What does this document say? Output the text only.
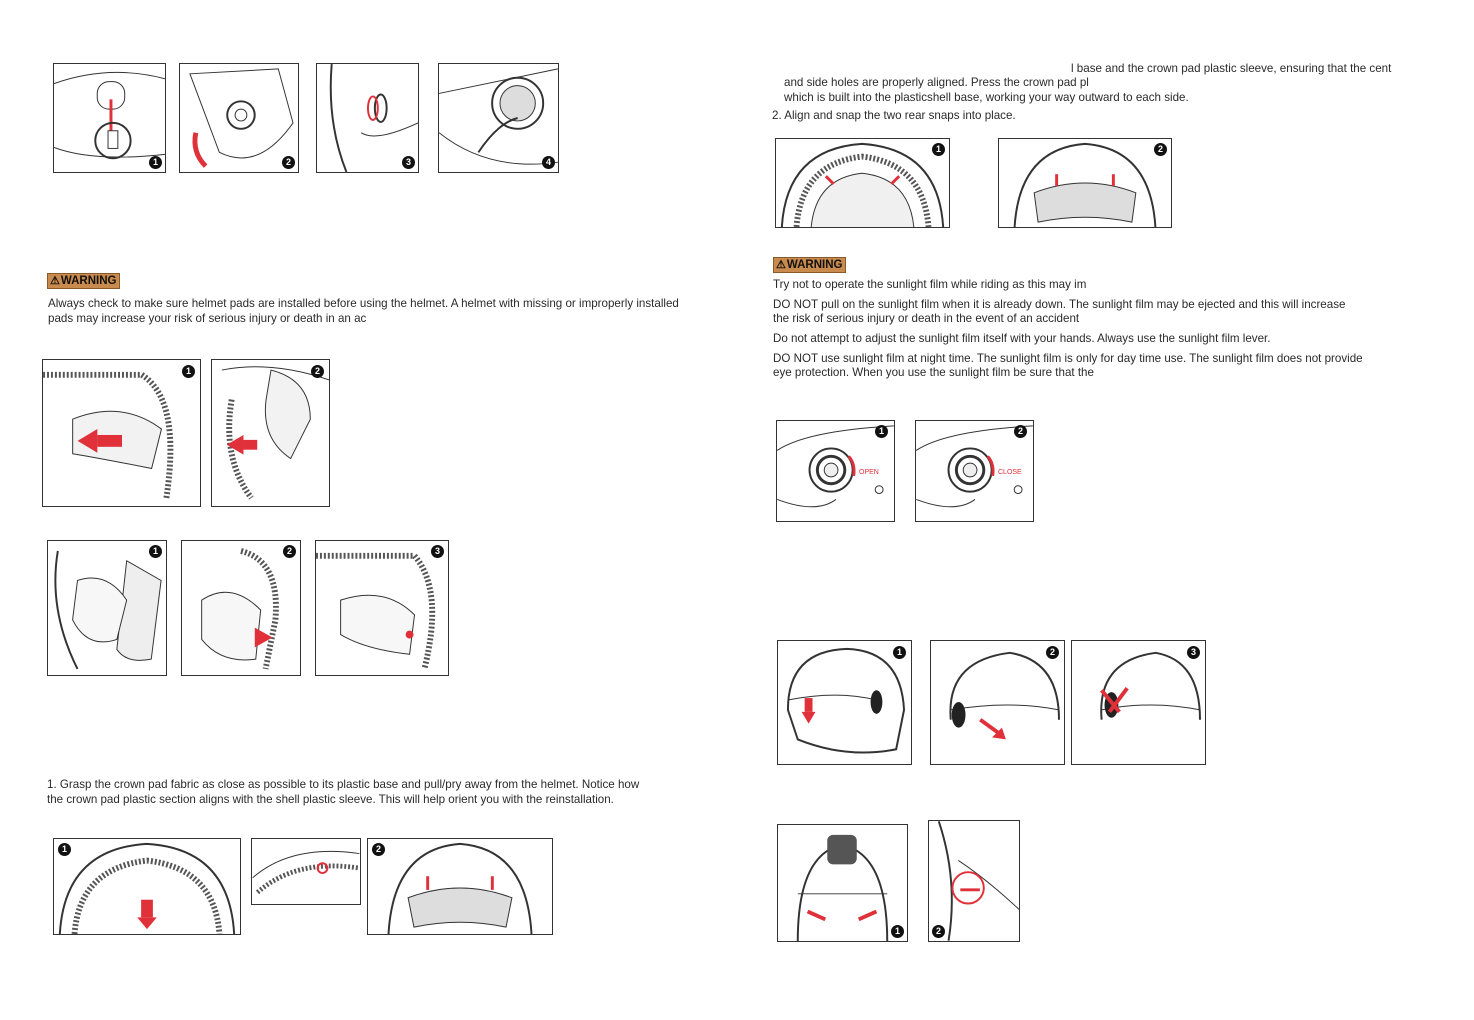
1	2	3	4
⚠WARNING
Always check to make sure helmet pads are installed before using the helmet. A helmet with missing or improperly installed
pads may increase your risk of serious injury or death in an ac
1	2
1	2	3
1. Grasp the crown pad fabric as close as possible to its plastic base and pull/pry away from the helmet. Notice how
the crown pad plastic section aligns with the shell plastic sleeve. This will help orient you with the reinstallation.
1	2
l base and the crown pad plastic sleeve, ensuring that the cent
and side holes are properly aligned. Press the crown pad pl
which is built into the plasticshell base, working your way outward to each side.
2. Align and snap the two rear snaps into place.
1	2
⚠WARNING
Try not to operate the sunlight film while riding as this may im
DO NOT pull on the sunlight film when it is already down. The sunlight film may be ejected and this will increase
the risk of serious injury or death in the event of an accident
Do not attempt to adjust the sunlight film itself with your hands. Always use the sunlight film lever.
DO NOT use sunlight film at night time. The sunlight film is only for day time use. The sunlight film does not provide
eye protection. When you use the sunlight film be sure that the
OPEN
1
CLOSE
2
1	2	3
1	2
